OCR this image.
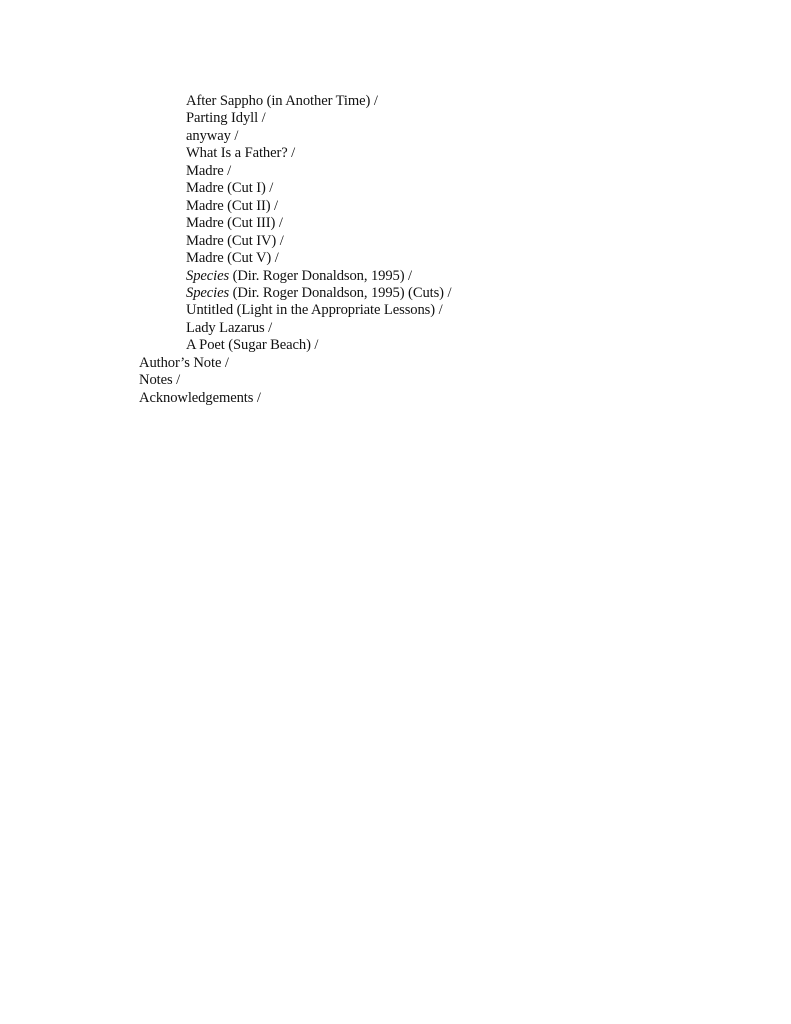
After Sappho (in Another Time) /
Parting Idyll /
anyway /
What Is a Father? /
Madre /
Madre (Cut I) /
Madre (Cut II) /
Madre (Cut III) /
Madre (Cut IV) /
Madre (Cut V) /
Species (Dir. Roger Donaldson, 1995) /
Species (Dir. Roger Donaldson, 1995) (Cuts) /
Untitled (Light in the Appropriate Lessons) /
Lady Lazarus /
A Poet (Sugar Beach) /
Author’s Note /
Notes /
Acknowledgements /
